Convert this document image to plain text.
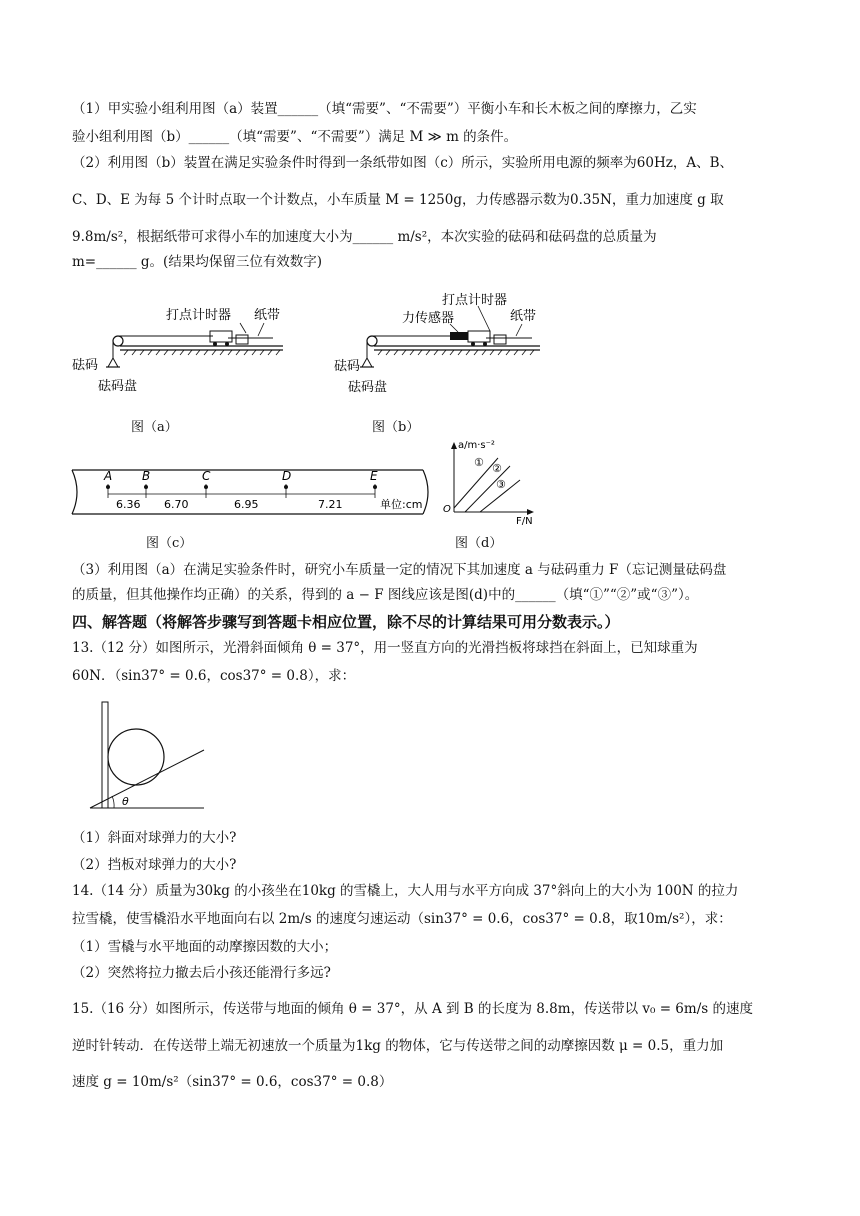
（1）甲实验小组利用图（a）装置______（填“需要”、“不需要”）平衡小车和长木板之间的摩擦力，乙实
验小组利用图（b）______（填“需要”、“不需要”）满足 M ≫ m 的条件。
（2）利用图（b）装置在满足实验条件时得到一条纸带如图（c）所示，实验所用电源的频率为60Hz，A、B、
C、D、E 为每 5 个计时点取一个计数点，小车质量 M = 1250g，力传感器示数为0.35N，重力加速度 g 取
9.8m/s²，根据纸带可求得小车的加速度大小为______ m/s²，本次实验的砝码和砝码盘的总质量为
m=______ g。(结果均保留三位有效数字)
打点计时器 纸带
砝码
砝码盘
图（a）
打点计时器
力传感器	纸带
砝码
砝码盘
图（b）
A B	C	D	E
6.36 6.70	6.95	7.21	单位:cm
图（c）
a/m·s⁻²
F/N
O
① ②
③
图（d）
（3）利用图（a）在满足实验条件时，研究小车质量一定的情况下其加速度 a 与砝码重力 F（忘记测量砝码盘
的质量，但其他操作均正确）的关系，得到的 a − F 图线应该是图(d)中的______（填“①”“②”或“③”）。
四、解答题（将解答步骤写到答题卡相应位置，除不尽的计算结果可用分数表示。）
13.（12 分）如图所示，光滑斜面倾角 θ = 37°，用一竖直方向的光滑挡板将球挡在斜面上，已知球重为
60N．（sin37° = 0.6，cos37° = 0.8），求：
θ
（1）斜面对球弹力的大小?
（2）挡板对球弹力的大小?
14.（14 分）质量为30kg 的小孩坐在10kg 的雪橇上，大人用与水平方向成 37°斜向上的大小为 100N 的拉力
拉雪橇，使雪橇沿水平地面向右以 2m/s 的速度匀速运动（sin37° = 0.6，cos37° = 0.8，取10m/s²），求：
（1）雪橇与水平地面的动摩擦因数的大小；
（2）突然将拉力撤去后小孩还能滑行多远?
15.（16 分）如图所示，传送带与地面的倾角 θ = 37°，从 A 到 B 的长度为 8.8m，传送带以 v₀ = 6m/s 的速度
逆时针转动．在传送带上端无初速放一个质量为1kg 的物体，它与传送带之间的动摩擦因数 μ = 0.5，重力加
速度 g = 10m/s²（sin37° = 0.6，cos37° = 0.8）
